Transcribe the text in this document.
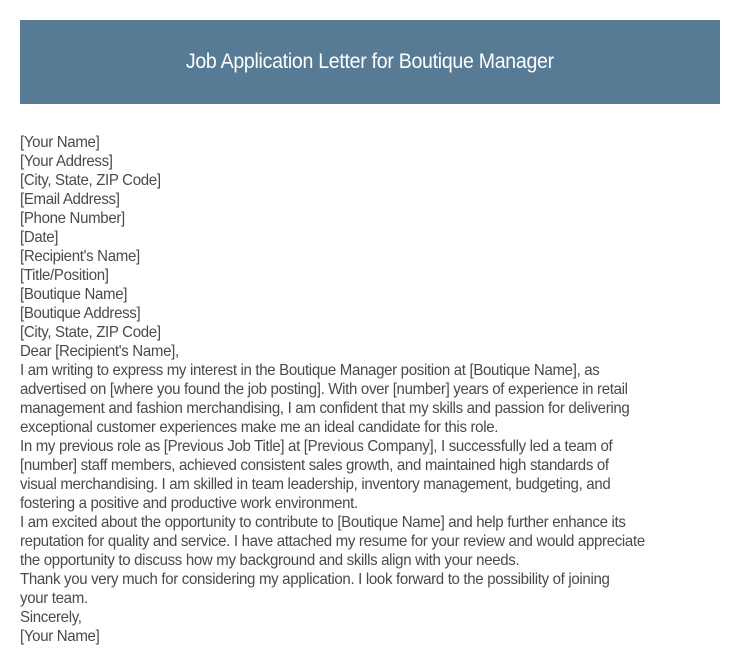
Job Application Letter for Boutique Manager
[Your Name]
[Your Address]
[City, State, ZIP Code]
[Email Address]
[Phone Number]
[Date]
[Recipient's Name]
[Title/Position]
[Boutique Name]
[Boutique Address]
[City, State, ZIP Code]
Dear [Recipient's Name],
I am writing to express my interest in the Boutique Manager position at [Boutique Name], as
advertised on [where you found the job posting]. With over [number] years of experience in retail
management and fashion merchandising, I am confident that my skills and passion for delivering
exceptional customer experiences make me an ideal candidate for this role.
In my previous role as [Previous Job Title] at [Previous Company], I successfully led a team of
[number] staff members, achieved consistent sales growth, and maintained high standards of
visual merchandising. I am skilled in team leadership, inventory management, budgeting, and
fostering a positive and productive work environment.
I am excited about the opportunity to contribute to [Boutique Name] and help further enhance its
reputation for quality and service. I have attached my resume for your review and would appreciate
the opportunity to discuss how my background and skills align with your needs.
Thank you very much for considering my application. I look forward to the possibility of joining
your team.
Sincerely,
[Your Name]
